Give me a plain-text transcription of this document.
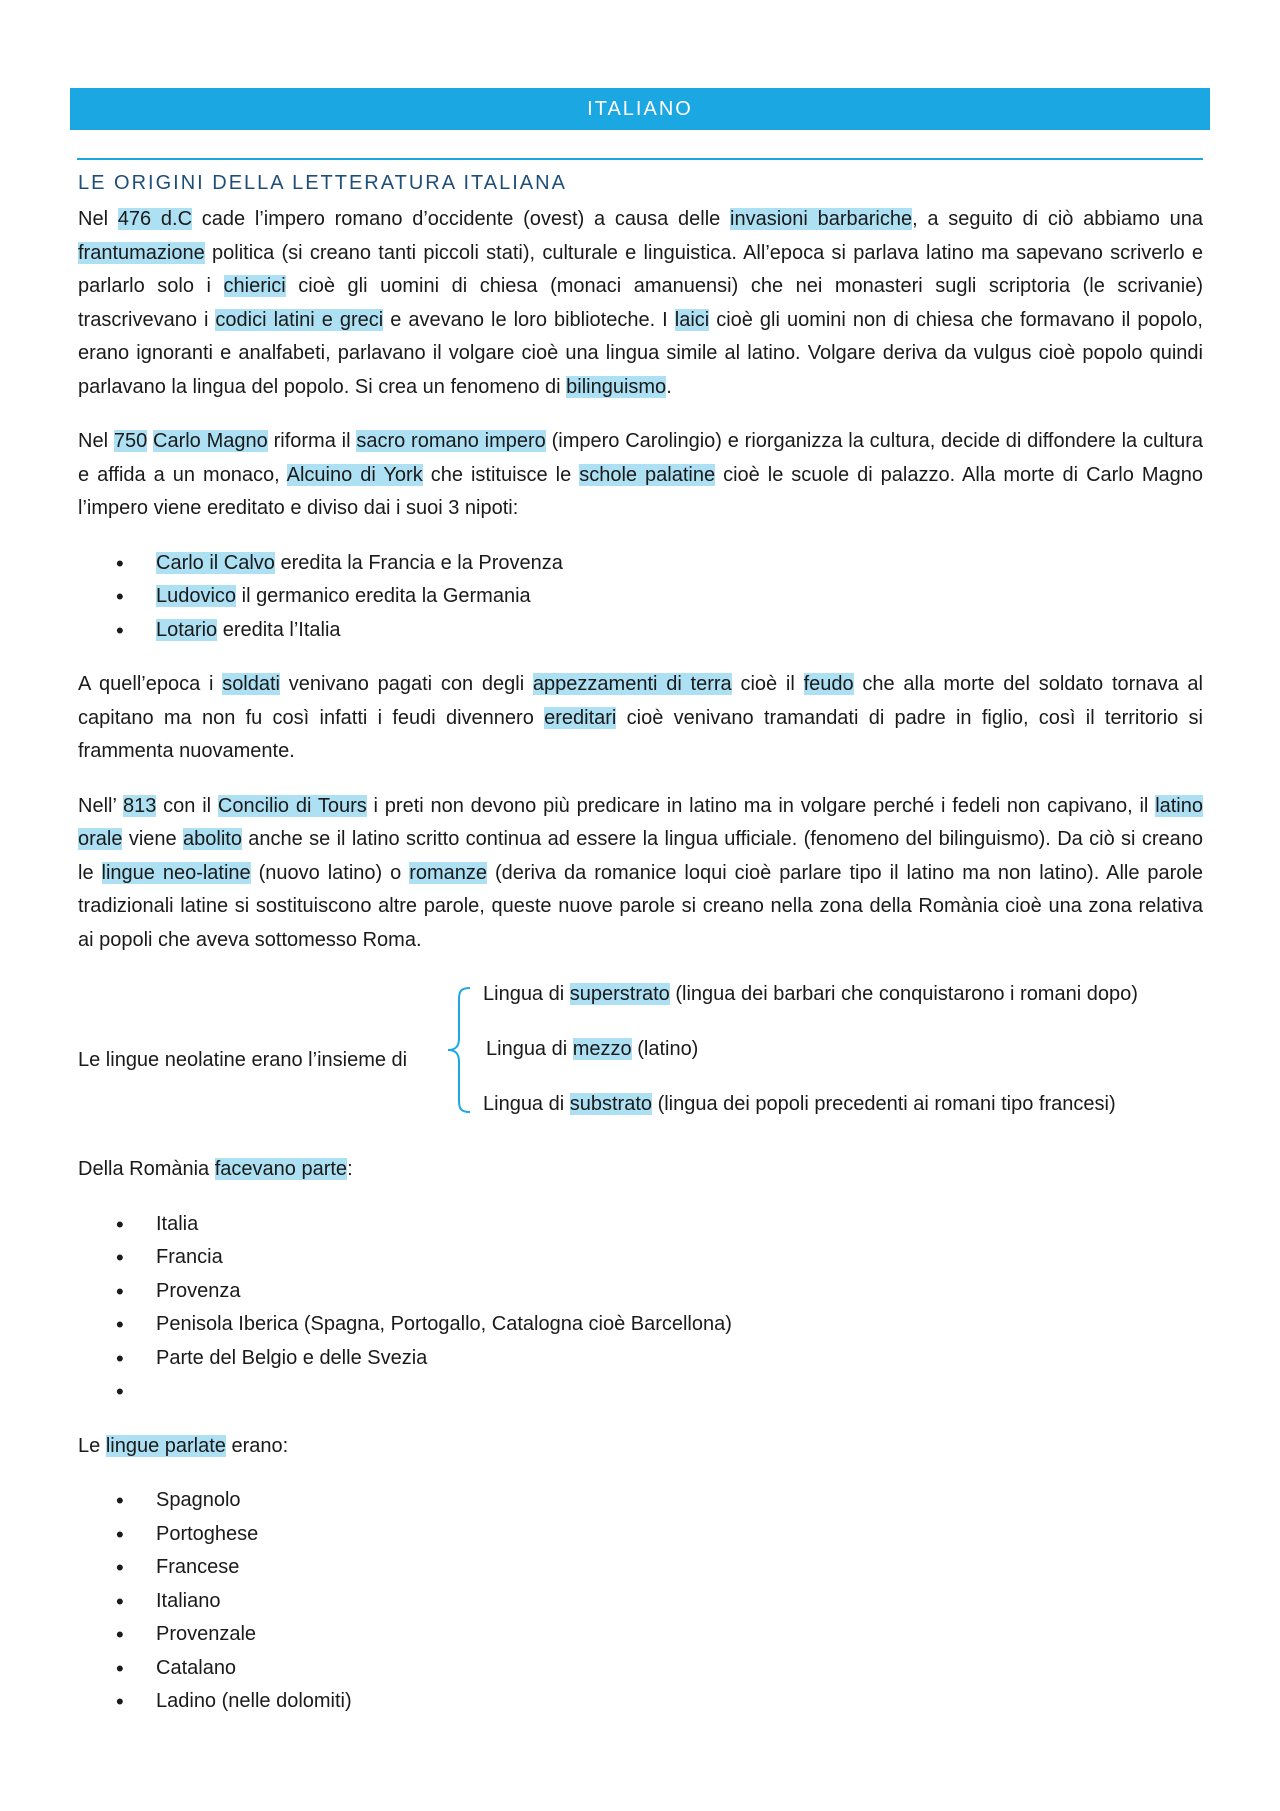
ITALIANO
LE ORIGINI DELLA LETTERATURA ITALIANA

Nel 476 d.C cade l’impero romano d’occidente (ovest) a causa delle invasioni barbariche, a seguito di ciò abbiamo una frantumazione politica (si creano tanti piccoli stati), culturale e linguistica. All’epoca si parlava latino ma sapevano scriverlo e parlarlo solo i chierici cioè gli uomini di chiesa (monaci amanuensi) che nei monasteri sugli scriptoria (le scrivanie) trascrivevano i codici latini e greci e avevano le loro biblioteche. I laici cioè gli uomini non di chiesa che formavano il popolo, erano ignoranti e analfabeti, parlavano il volgare cioè una lingua simile al latino. Volgare deriva da vulgus cioè popolo quindi parlavano la lingua del popolo. Si crea un fenomeno di bilinguismo.

Nel 750 Carlo Magno riforma il sacro romano impero (impero Carolingio) e riorganizza la cultura, decide di diffondere la cultura e affida a un monaco, Alcuino di York che istituisce le schole palatine cioè le scuole di palazzo. Alla morte di Carlo Magno l’impero viene ereditato e diviso dai i suoi 3 nipoti:

• Carlo il Calvo eredita la Francia e la Provenza
• Ludovico il germanico eredita la Germania
• Lotario eredita l’Italia

A quell’epoca i soldati venivano pagati con degli appezzamenti di terra cioè il feudo che alla morte del soldato tornava al capitano ma non fu così infatti i feudi divennero ereditari cioè venivano tramandati di padre in figlio, così il territorio si frammenta nuovamente.

Nell’ 813 con il Concilio di Tours i preti non devono più predicare in latino ma in volgare perché i fedeli non capivano, il latino orale viene abolito anche se il latino scritto continua ad essere la lingua ufficiale. (fenomeno del bilinguismo). Da ciò si creano le lingue neo-latine (nuovo latino) o romanze (deriva da romanice loqui cioè parlare tipo il latino ma non latino). Alle parole tradizionali latine si sostituiscono altre parole, queste nuove parole si creano nella zona della Romània cioè una zona relativa ai popoli che aveva sottomesso Roma.

Le lingue neolatine erano l’insieme di
Lingua di superstrato (lingua dei barbari che conquistarono i romani dopo)
Lingua di mezzo (latino)
Lingua di substrato (lingua dei popoli precedenti ai romani tipo francesi)

Della Romània facevano parte:

• Italia
• Francia
• Provenza
• Penisola Iberica (Spagna, Portogallo, Catalogna cioè Barcellona)
• Parte del Belgio e delle Svezia
•

Le lingue parlate erano:

• Spagnolo
• Portoghese
• Francese
• Italiano
• Provenzale
• Catalano
• Ladino (nelle dolomiti)
